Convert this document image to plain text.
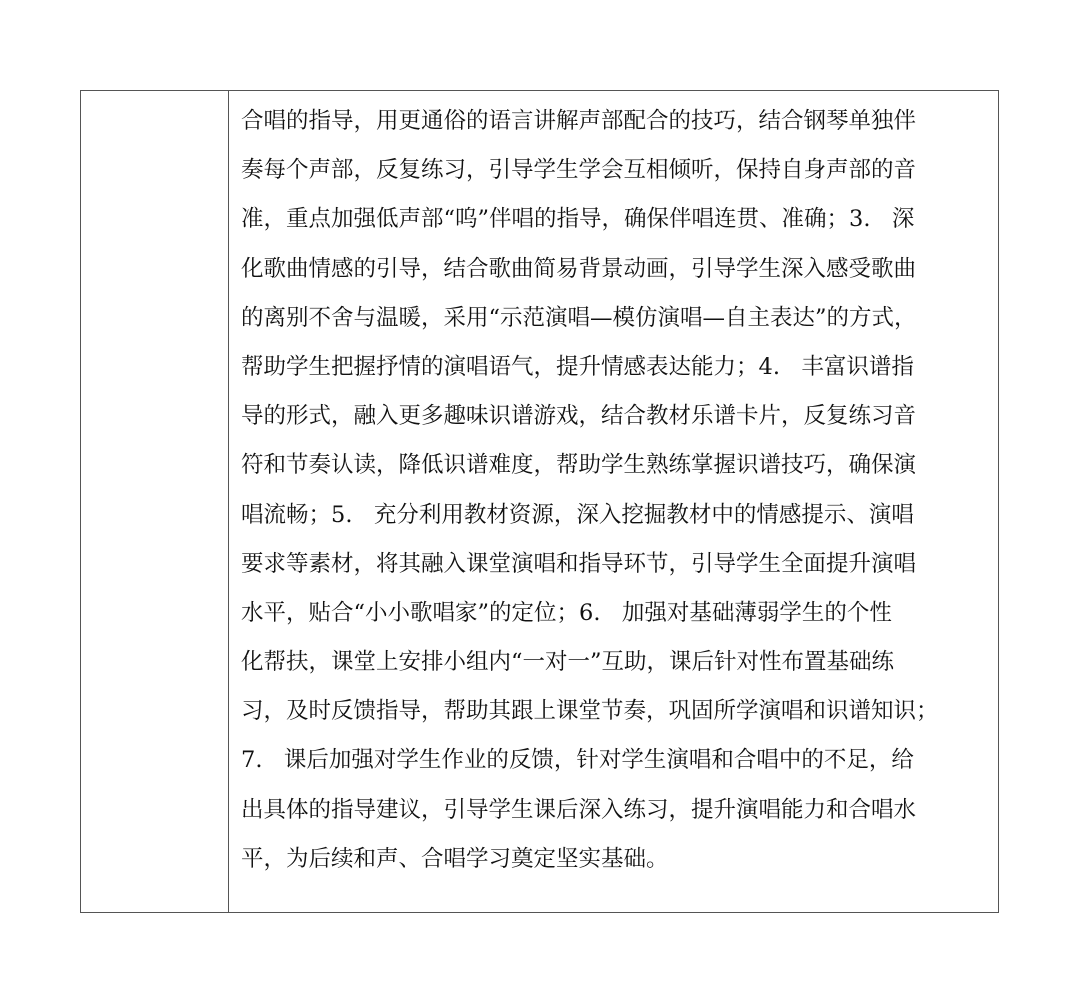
合唱的指导，用更通俗的语言讲解声部配合的技巧，结合钢琴单独伴
奏每个声部，反复练习，引导学生学会互相倾听，保持自身声部的音
准，重点加强低声部“呜”伴唱的指导，确保伴唱连贯、准确；3.   深
化歌曲情感的引导，结合歌曲简易背景动画，引导学生深入感受歌曲
的离别不舍与温暖，采用“示范演唱—模仿演唱—自主表达”的方式，
帮助学生把握抒情的演唱语气，提升情感表达能力；4.   丰富识谱指
导的形式，融入更多趣味识谱游戏，结合教材乐谱卡片，反复练习音
符和节奏认读，降低识谱难度，帮助学生熟练掌握识谱技巧，确保演
唱流畅；5.   充分利用教材资源，深入挖掘教材中的情感提示、演唱
要求等素材，将其融入课堂演唱和指导环节，引导学生全面提升演唱
水平，贴合“小小歌唱家”的定位；6.   加强对基础薄弱学生的个性
化帮扶，课堂上安排小组内“一对一”互助，课后针对性布置基础练
习，及时反馈指导，帮助其跟上课堂节奏，巩固所学演唱和识谱知识；
7.   课后加强对学生作业的反馈，针对学生演唱和合唱中的不足，给
出具体的指导建议，引导学生课后深入练习，提升演唱能力和合唱水
平，为后续和声、合唱学习奠定坚实基础。
